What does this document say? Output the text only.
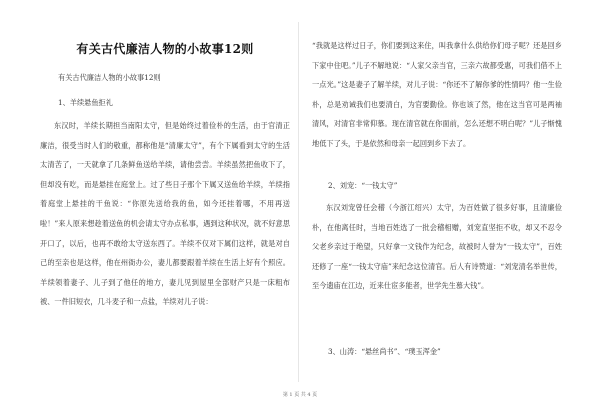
有关古代廉洁人物的小故事12则
有关古代廉洁人物的小故事12则
1、羊续悬鱼拒礼

东汉时，羊续长期担当南阳太守，但是始终过着俭朴的生活，由于官清正廉洁，很受当时人们的敬重，都称他是“清廉太守”，有个下属看到太守的生活太清苦了，一天就拿了几条鲜鱼送给羊续，请他尝尝。羊续虽然把鱼收下了，但却没有吃，而是悬挂在庭堂上。过了些日子那个下属又送鱼给羊续，羊续指着庭堂上悬挂的干鱼说：“你原先送给我的鱼，如今还挂着哪，不用再送啦！”来人原来想趁着送鱼的机会请太守办点私事，遇到这种状况，就不好意思开口了，以后，也再不敢给太守送东西了。羊续不仅对下属们这样，就是对自己的至亲也是这样，他在州衙办公，妻儿都要跟着羊续在生活上好有个照应。羊续领着妻子、儿子到了他任的地方，妻儿见到屋里全部财产只是一床粗布被、一件旧短衣，几斗麦子和一点盐，羊续对儿子说：

“我就是这样过日子，你们要到这来住，叫我拿什么供给你们母子呢？还是回乡下家中住吧。”儿子不解地说：“人家父亲当官，三亲六故都受惠，可我们借不上一点光。”这是妻子了解羊续，对儿子说：“你还不了解你爹的性情吗？他一生俭朴，总是劝诫我们也要清白，为官要勤俭。你也该了然，他在这当官可是两袖清风，对清官非常仰慕。现在清官就在你面前，怎么还想不明白呢？”儿子惭愧地低下了头，于是依然和母亲一起回到乡下去了。

2、刘宠：“一钱太守”

东汉刘宠曾任会稽（今浙江绍兴）太守，为百姓做了很多好事，且清廉俭朴，在他离任时，当地百姓选了一批会稽相赠，刘宠直坚拒不收，却又不忍令父老乡亲过于绝望，只好拿一文钱作为纪念，故被时人誉为“一钱太守”，百姓还修了一座“一钱太守庙”来纪念这位清官。后人有诗赞道：“刘宠清名举世传，至今遗庙在江边，近来仕宦多能者，世学先生慕大钱”。

3、山涛：“悬丝尚书”、“璞玉浑金”
第 1 页 共 4 页
